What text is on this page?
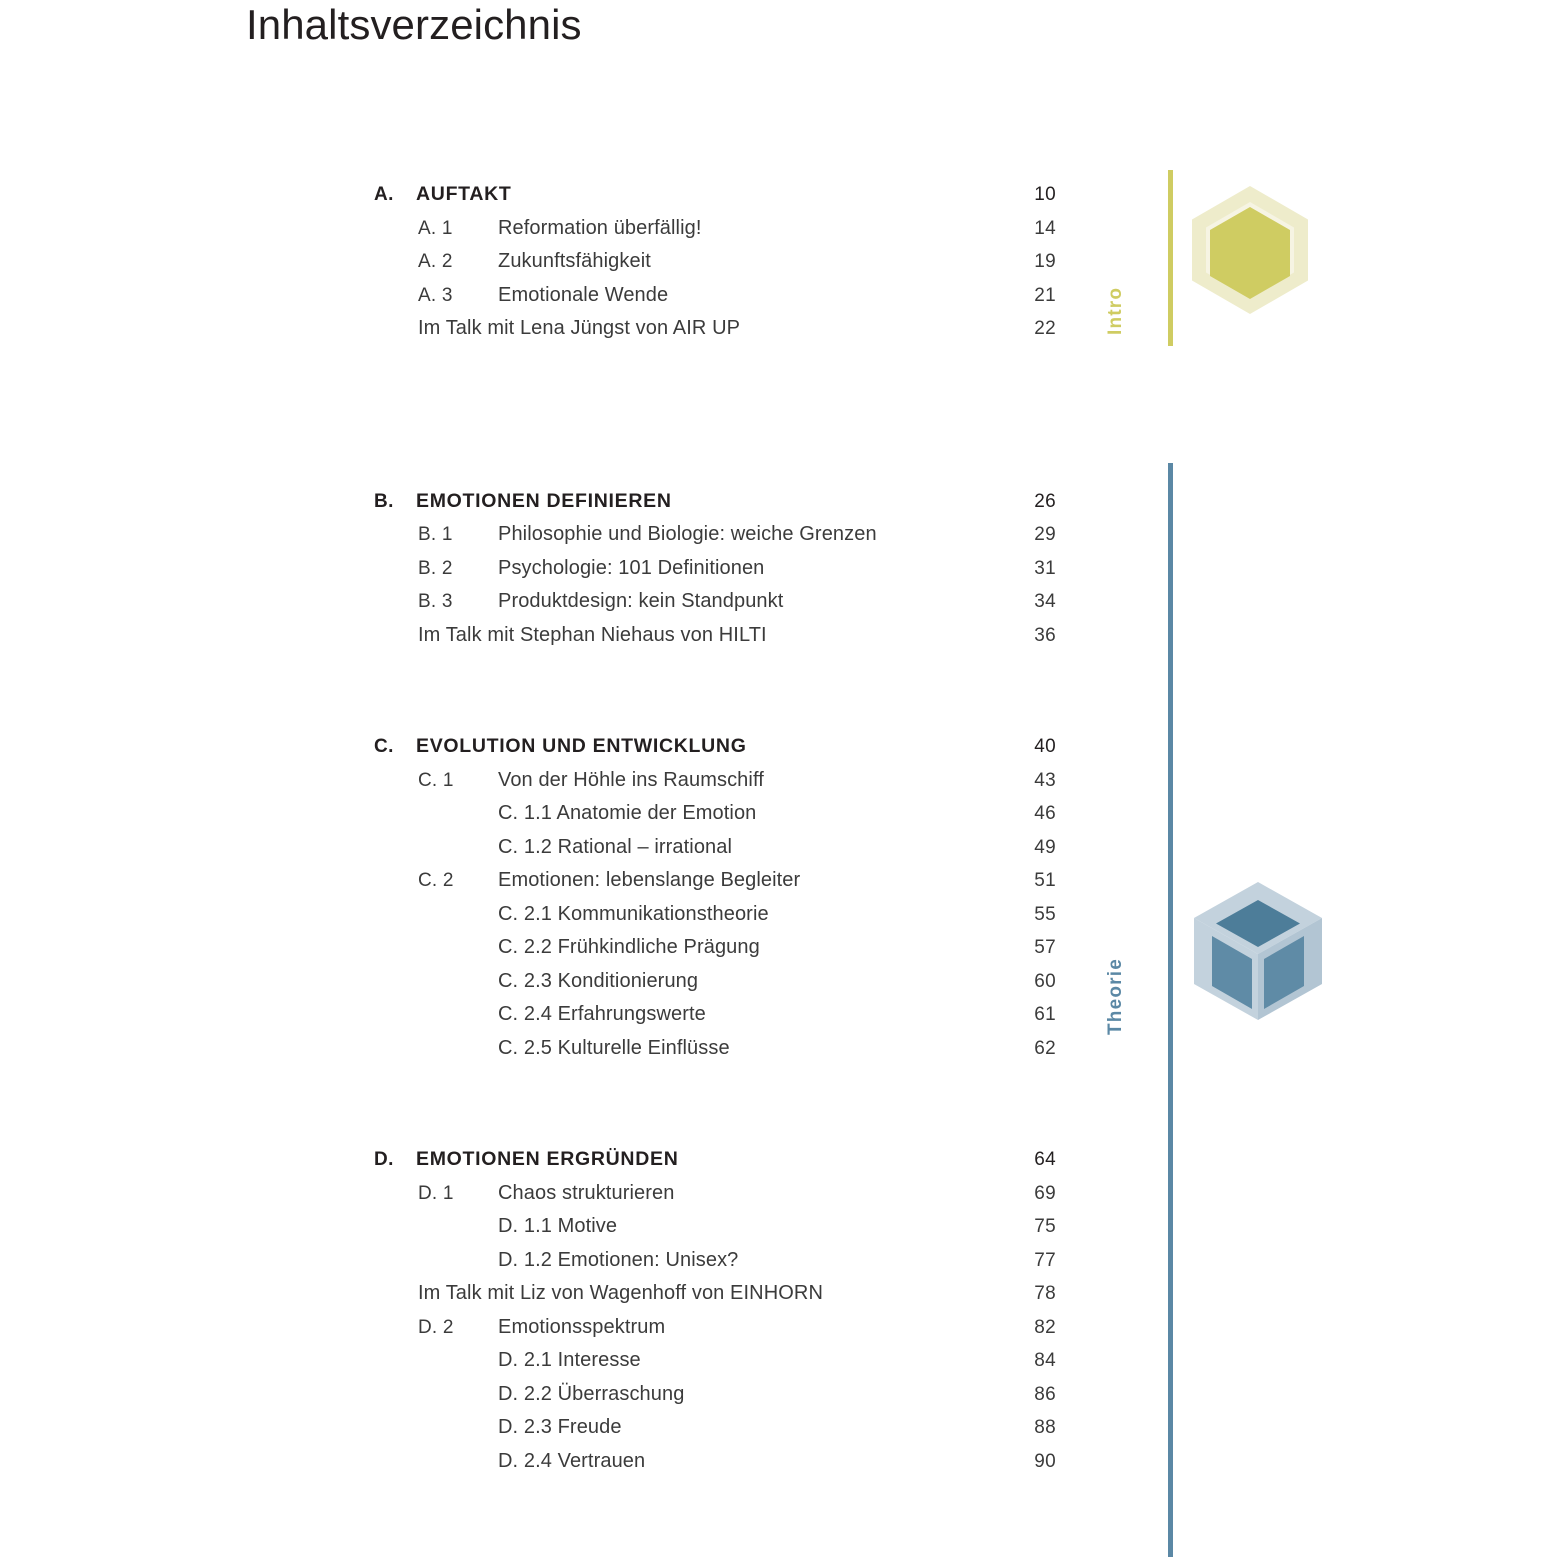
Inhaltsverzeichnis
A. AUFTAKT	10
A. 1 Reformation überfällig!	14
A. 2 Zukunftsfähigkeit	19
A. 3 Emotionale Wende	21
Im Talk mit Lena Jüngst von AIR UP	22
B. EMOTIONEN DEFINIEREN	26
B. 1 Philosophie und Biologie: weiche Grenzen	29
B. 2 Psychologie: 101 Definitionen	31
B. 3 Produktdesign: kein Standpunkt	34
Im Talk mit Stephan Niehaus von HILTI	36
C. EVOLUTION UND ENTWICKLUNG	40
C. 1 Von der Höhle ins Raumschiff	43
C. 1.1 Anatomie der Emotion	46
C. 1.2 Rational – irrational	49
C. 2 Emotionen: lebenslange Begleiter	51
C. 2.1 Kommunikationstheorie	55
C. 2.2 Frühkindliche Prägung	57
C. 2.3 Konditionierung	60
C. 2.4 Erfahrungswerte	61
C. 2.5 Kulturelle Einflüsse	62
D. EMOTIONEN ERGRÜNDEN	64
D. 1 Chaos strukturieren	69
D. 1.1 Motive	75
D. 1.2 Emotionen: Unisex?	77
Im Talk mit Liz von Wagenhoff von EINHORN	78
D. 2 Emotionsspektrum	82
D. 2.1 Interesse	84
D. 2.2 Überraschung	86
D. 2.3 Freude	88
D. 2.4 Vertrauen	90
Intro
Theorie
